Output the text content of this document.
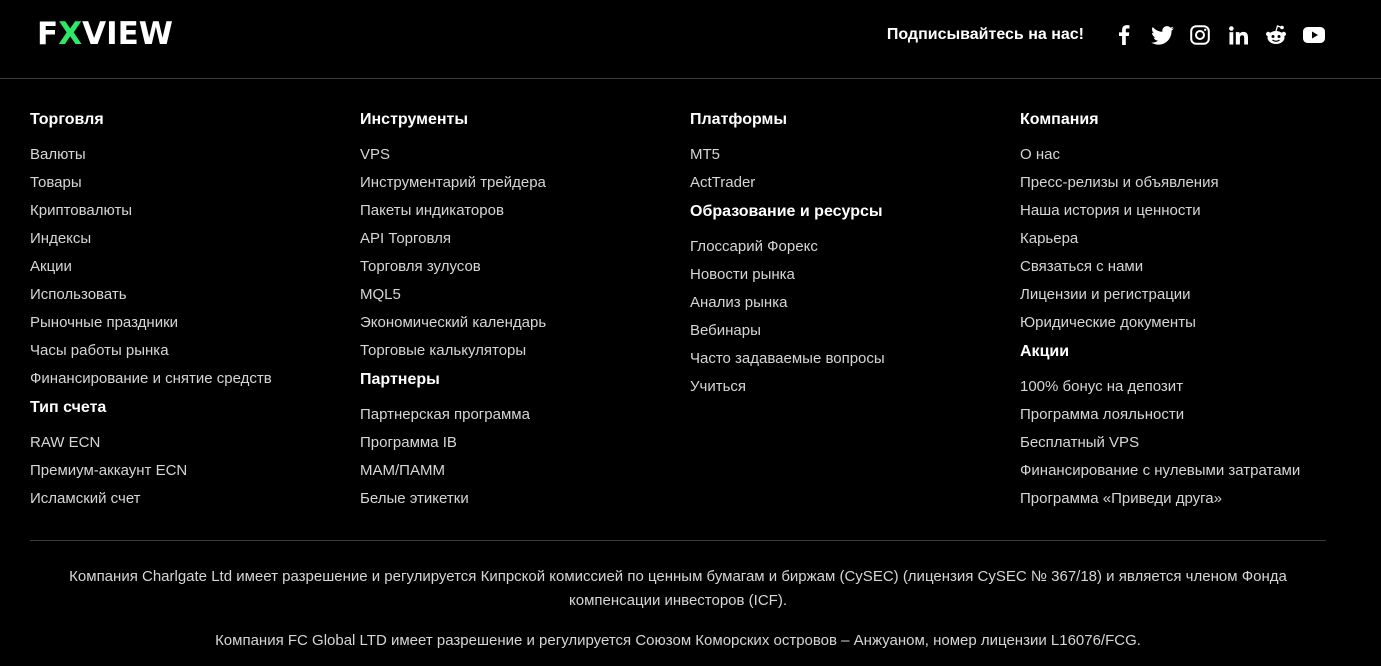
FXVIEW	Подписывайтесь на нас!
Торговля
Валюты
Товары
Криптовалюты
Индексы
Акции
Использовать
Рыночные праздники
Часы работы рынка
Финансирование и снятие средств
Тип счета
RAW ECN
Премиум-аккаунт ECN
Исламский счет
Инструменты
VPS
Инструментарий трейдера
Пакеты индикаторов
API Торговля
Торговля зулусов
MQL5
Экономический календарь
Торговые калькуляторы
Партнеры
Партнерская программа
Программа IB
MAM/ПАММ
Белые этикетки
Платформы
MT5
ActTrader
Образование и ресурсы
Глоссарий Форекс
Новости рынка
Анализ рынка
Вебинары
Часто задаваемые вопросы
Учиться
Компания
О нас
Пресс-релизы и объявления
Наша история и ценности
Карьера
Связаться с нами
Лицензии и регистрации
Юридические документы
Акции
100% бонус на депозит
Программа лояльности
Бесплатный VPS
Финансирование с нулевыми затратами
Программа «Приведи друга»
Компания Charlgate Ltd имеет разрешение и регулируется Кипрской комиссией по ценным бумагам и биржам (CySEC) (лицензия CySEC № 367/18) и является членом Фонда компенсации инвесторов (ICF).
Компания FC Global LTD имеет разрешение и регулируется Союзом Коморских островов – Анжуаном, номер лицензии L16076/FCG.
